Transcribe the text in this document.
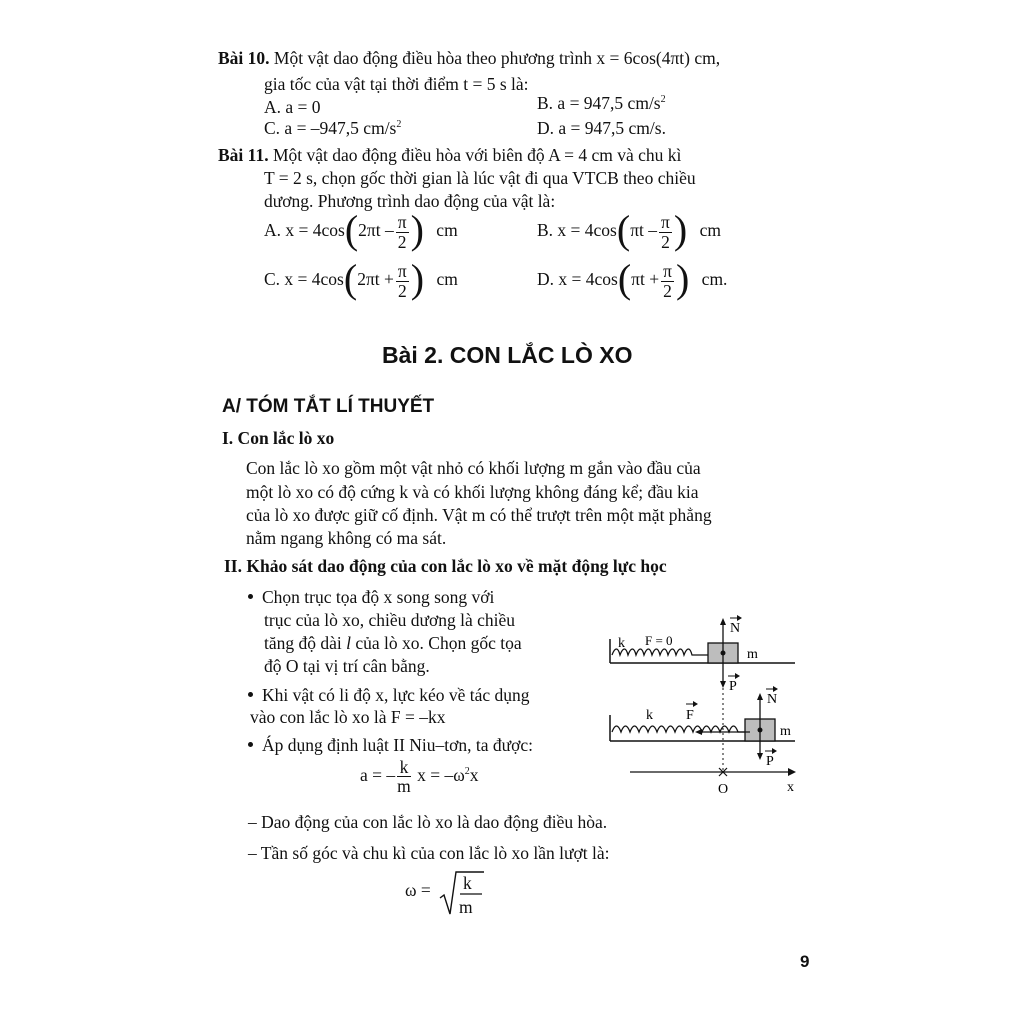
Bài 10. Một vật dao động điều hòa theo phương trình x = 6cos(4πt) cm,
gia tốc của vật tại thời điểm t = 5 s là:
A. a = 0	B. a = 947,5 $cm/s^2$
C. a = –947,5 $cm/s^2$	D. a = 947,5 cm/s.
Bài 11. Một vật dao động điều hòa với biên độ A = 4 cm và chu kì
T = 2 s, chọn gốc thời gian là lúc vật đi qua VTCB theo chiều
dương. Phương trình dao động của vật là:
A. $x = 4\cos(2\pi t - \frac{\pi}{2}$ ) cm	B. $x = 4\cos(\pi t - \frac{\pi}{2}$ ) cm
C. $x = 4\cos(2\pi t + \frac{\pi}{2}$ ) cm	D. $x = 4\cos(\pi t + \frac{\pi}{2}$ ) cm.
Bài 2. CON LẮC LÒ XO
A/ TÓM TẮT LÍ THUYẾT
I. Con lắc lò xo
Con lắc lò xo gồm một vật nhỏ có khối lượng m gắn vào đầu của
một lò xo có độ cứng k và có khối lượng không đáng kể; đầu kia
của lò xo được giữ cố định. Vật m có thể trượt trên một mặt phẳng
nằm ngang không có ma sát.
II. Khảo sát dao động của con lắc lò xo về mặt động lực học
Chọn trục tọa độ x song song với
trục của lò xo, chiều dương là chiều
tăng độ dài l của lò xo. Chọn gốc tọa
độ O tại vị trí cân bằng.
Khi vật có li độ x, lực kéo về tác dụng
vào con lắc lò xo là F = –kx
Áp dụng định luật II Niu–tơn, ta được:
a = – $\frac{k}{m}$ $x = -\omega^2x$
– Dao động của con lắc lò xo là dao động điều hòa.
– Tần số góc và chu kì của con lắc lò xo lần lượt là:
ω = k
m
k F = 0
m
N
P
k F
m
N
P
O	x
9
